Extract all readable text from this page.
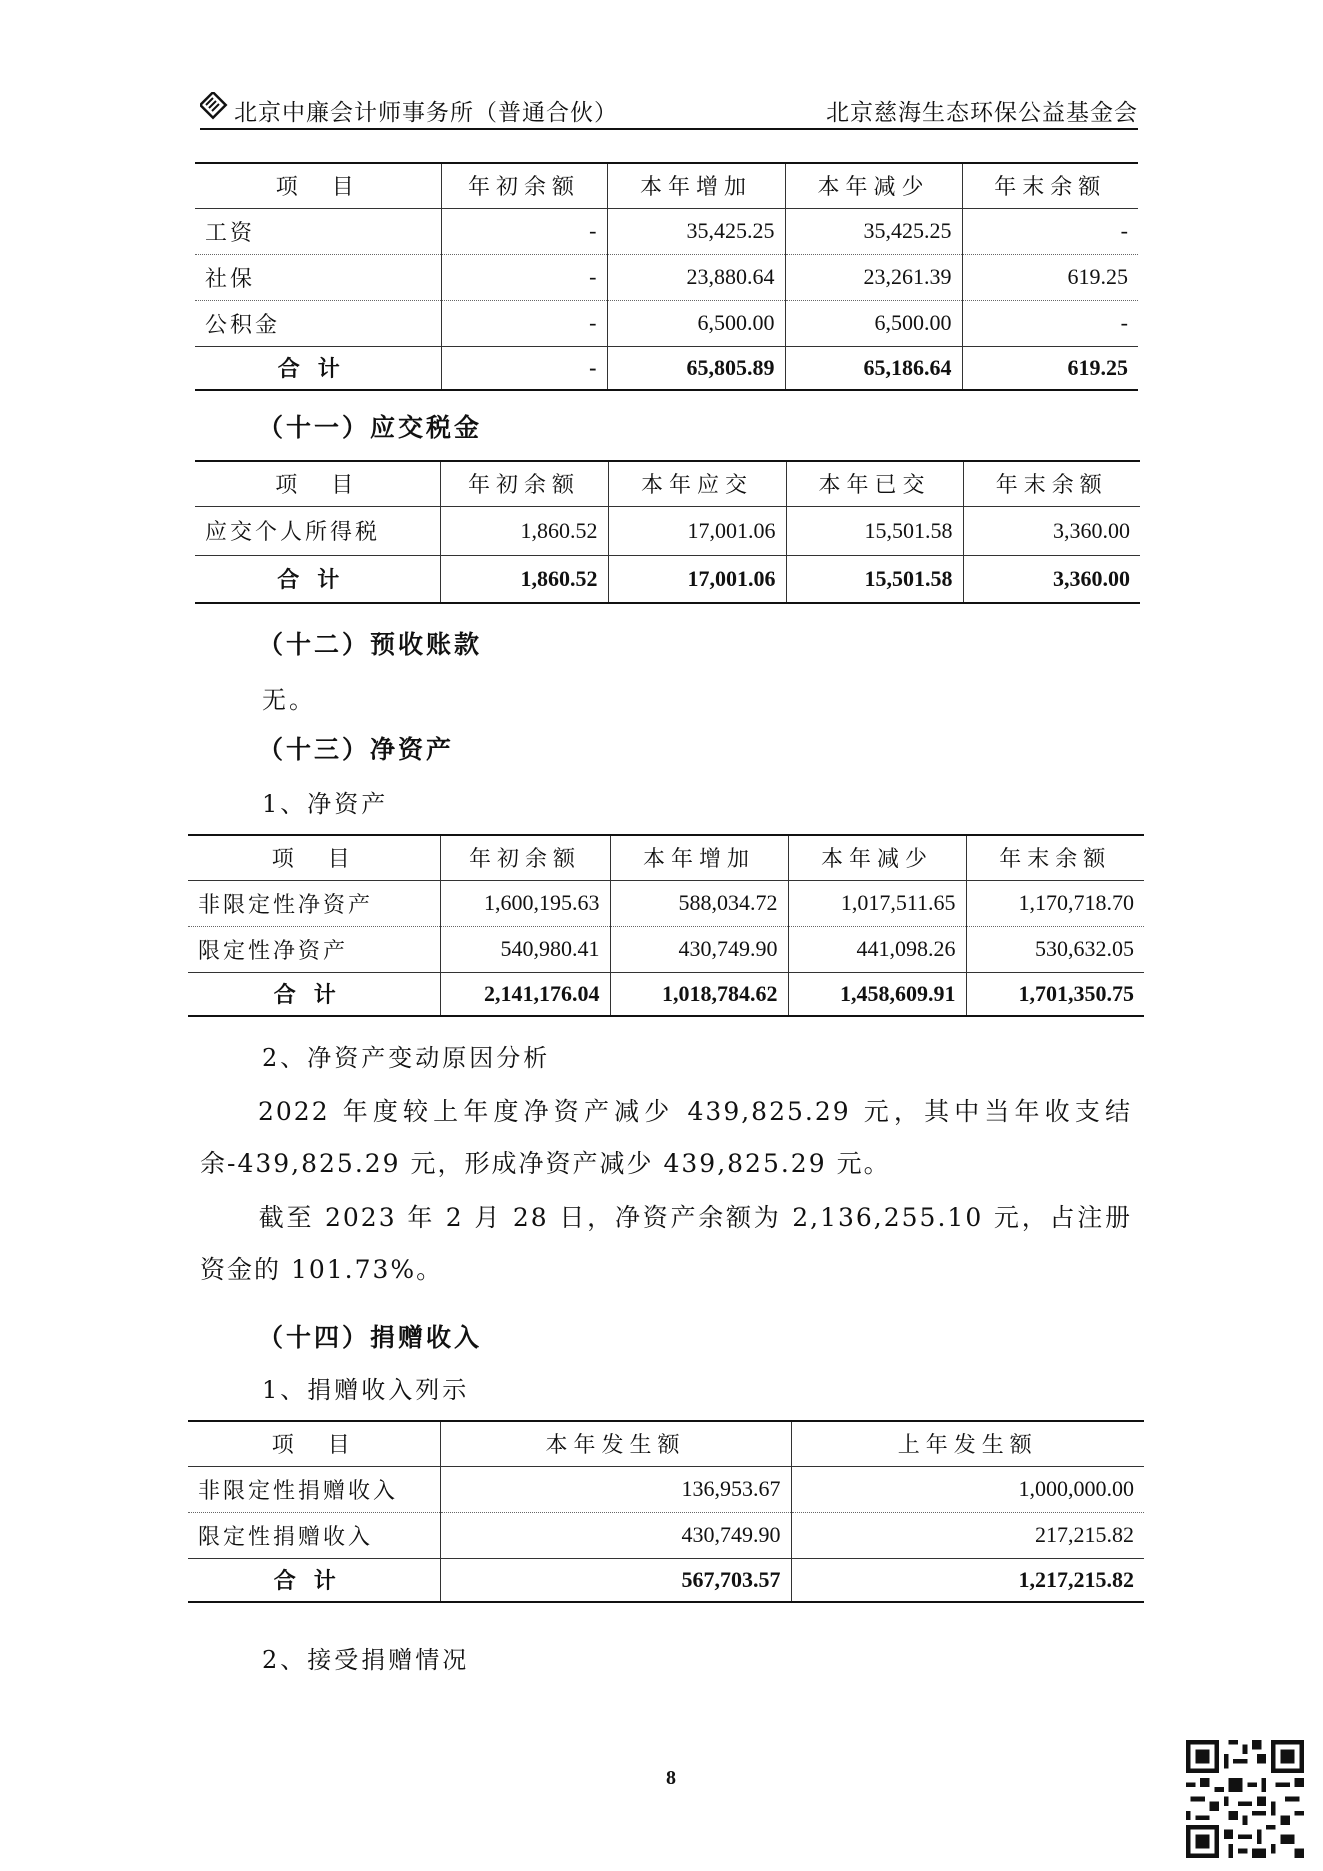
北京中廉会计师事务所（普通合伙）	北京慈海生态环保公益基金会
项　目	年初余额	本年增加	本年减少	年末余额
工资	-	35,425.25	35,425.25	-
社保	-	23,880.64	23,261.39	619.25
公积金	-	6,500.00	6,500.00	-
合计	-	65,805.89	65,186.64	619.25
（十一）应交税金
项　目	年初余额	本年应交	本年已交	年末余额
应交个人所得税	1,860.52	17,001.06	15,501.58	3,360.00
合计	1,860.52	17,001.06	15,501.58	3,360.00
（十二）预收账款
无。
（十三）净资产
1、净资产
项　目	年初余额	本年增加	本年减少	年末余额
非限定性净资产	1,600,195.63	588,034.72	1,017,511.65	1,170,718.70
限定性净资产	540,980.41	430,749.90	441,098.26	530,632.05
合计	2,141,176.04	1,018,784.62	1,458,609.91	1,701,350.75
2、净资产变动原因分析
2022 年度较上年度净资产减少 439,825.29 元，其中当年收支结余-439,825.29 元，形成净资产减少 439,825.29 元。
截至 2023 年 2 月 28 日，净资产余额为 2,136,255.10 元，占注册资金的 101.73%。
（十四）捐赠收入
1、捐赠收入列示
项　目	本年发生额	上年发生额
非限定性捐赠收入	136,953.67	1,000,000.00
限定性捐赠收入	430,749.90	217,215.82
合计	567,703.57	1,217,215.82
2、接受捐赠情况
8
